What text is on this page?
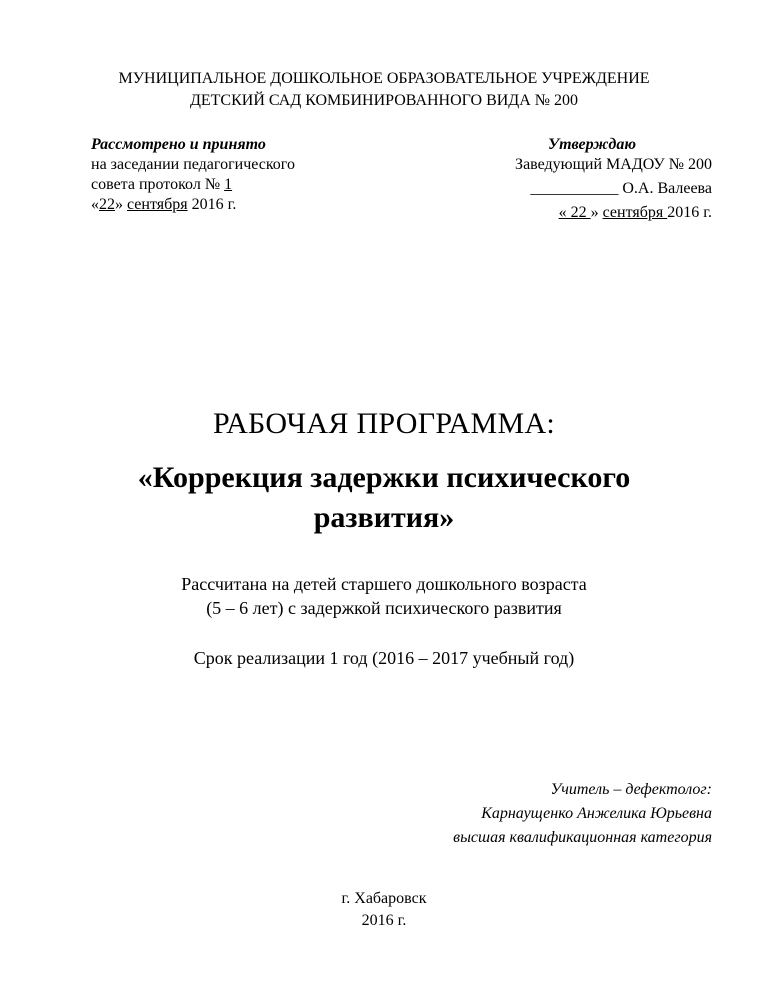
МУНИЦИПАЛЬНОЕ ДОШКОЛЬНОЕ ОБРАЗОВАТЕЛЬНОЕ УЧРЕЖДЕНИЕ
ДЕТСКИЙ САД КОМБИНИРОВАННОГО ВИДА № 200
Рассмотрено и принято
на заседании педагогического
совета протокол № 1
«22» сентября 2016 г.
Утверждаю
Заведующий МАДОУ № 200
___________ О.А. Валеева
« 22 » сентября 2016 г.
РАБОЧАЯ ПРОГРАММА:
«Коррекция задержки психического
развития»
Рассчитана на детей старшего дошкольного возраста
(5 – 6 лет) с задержкой психического развития
Срок реализации 1 год (2016 – 2017 учебный год)
Учитель – дефектолог:
Карнаущенко Анжелика Юрьевна
высшая квалификационная категория
г. Хабаровск
2016 г.
